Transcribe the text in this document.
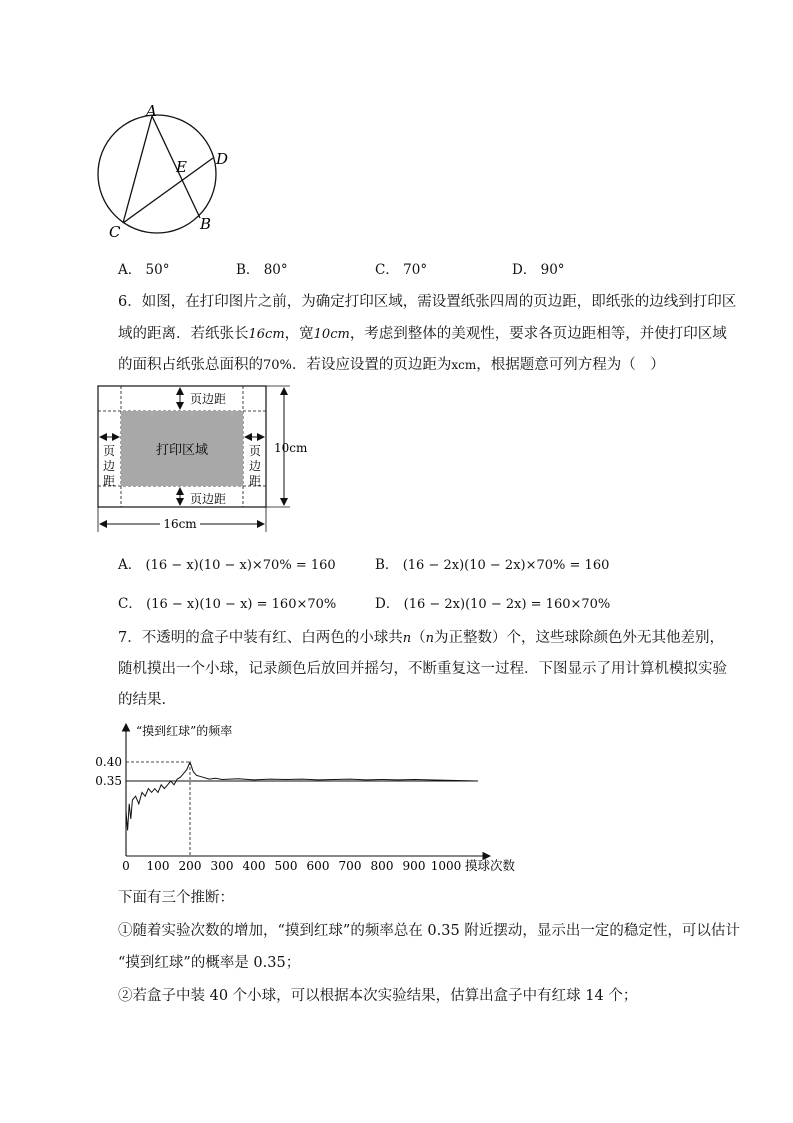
A
E D
B
C
A． 50°	B． 80°	C． 70°	D． 90°
6．如图，在打印图片之前，为确定打印区域，需设置纸张四周的页边距，即纸张的边线到打印区
域的距离．若纸张长16cm，宽10cm，考虑到整体的美观性，要求各页边距相等，并使打印区域
的面积占纸张总面积的70%．若设应设置的页边距为xcm，根据题意可列方程为（　）
打印区域
页边距
页边距
页
边
距
页
边
距
10cm
16cm
A． (16 − x)(10 − x)×70% = 160	B． (16 − 2x)(10 − 2x)×70% = 160
C． (16 − x)(10 − x) = 160×70%	D． (16 − 2x)(10 − 2x) = 160×70%
7．不透明的盒子中装有红、白两色的小球共n（n为正整数）个，这些球除颜色外无其他差别，
随机摸出一个小球，记录颜色后放回并摇匀，不断重复这一过程．下图显示了用计算机模拟实验
的结果．
“摸到红球”的频率
摸球次数
0 100 200 300 400 500 600 700 800 900 1000
0.35
0.40
下面有三个推断：
①随着实验次数的增加，“摸到红球”的频率总在 0.35 附近摆动，显示出一定的稳定性，可以估计
“摸到红球”的概率是 0.35；
②若盒子中装 40 个小球，可以根据本次实验结果，估算出盒子中有红球 14 个；
